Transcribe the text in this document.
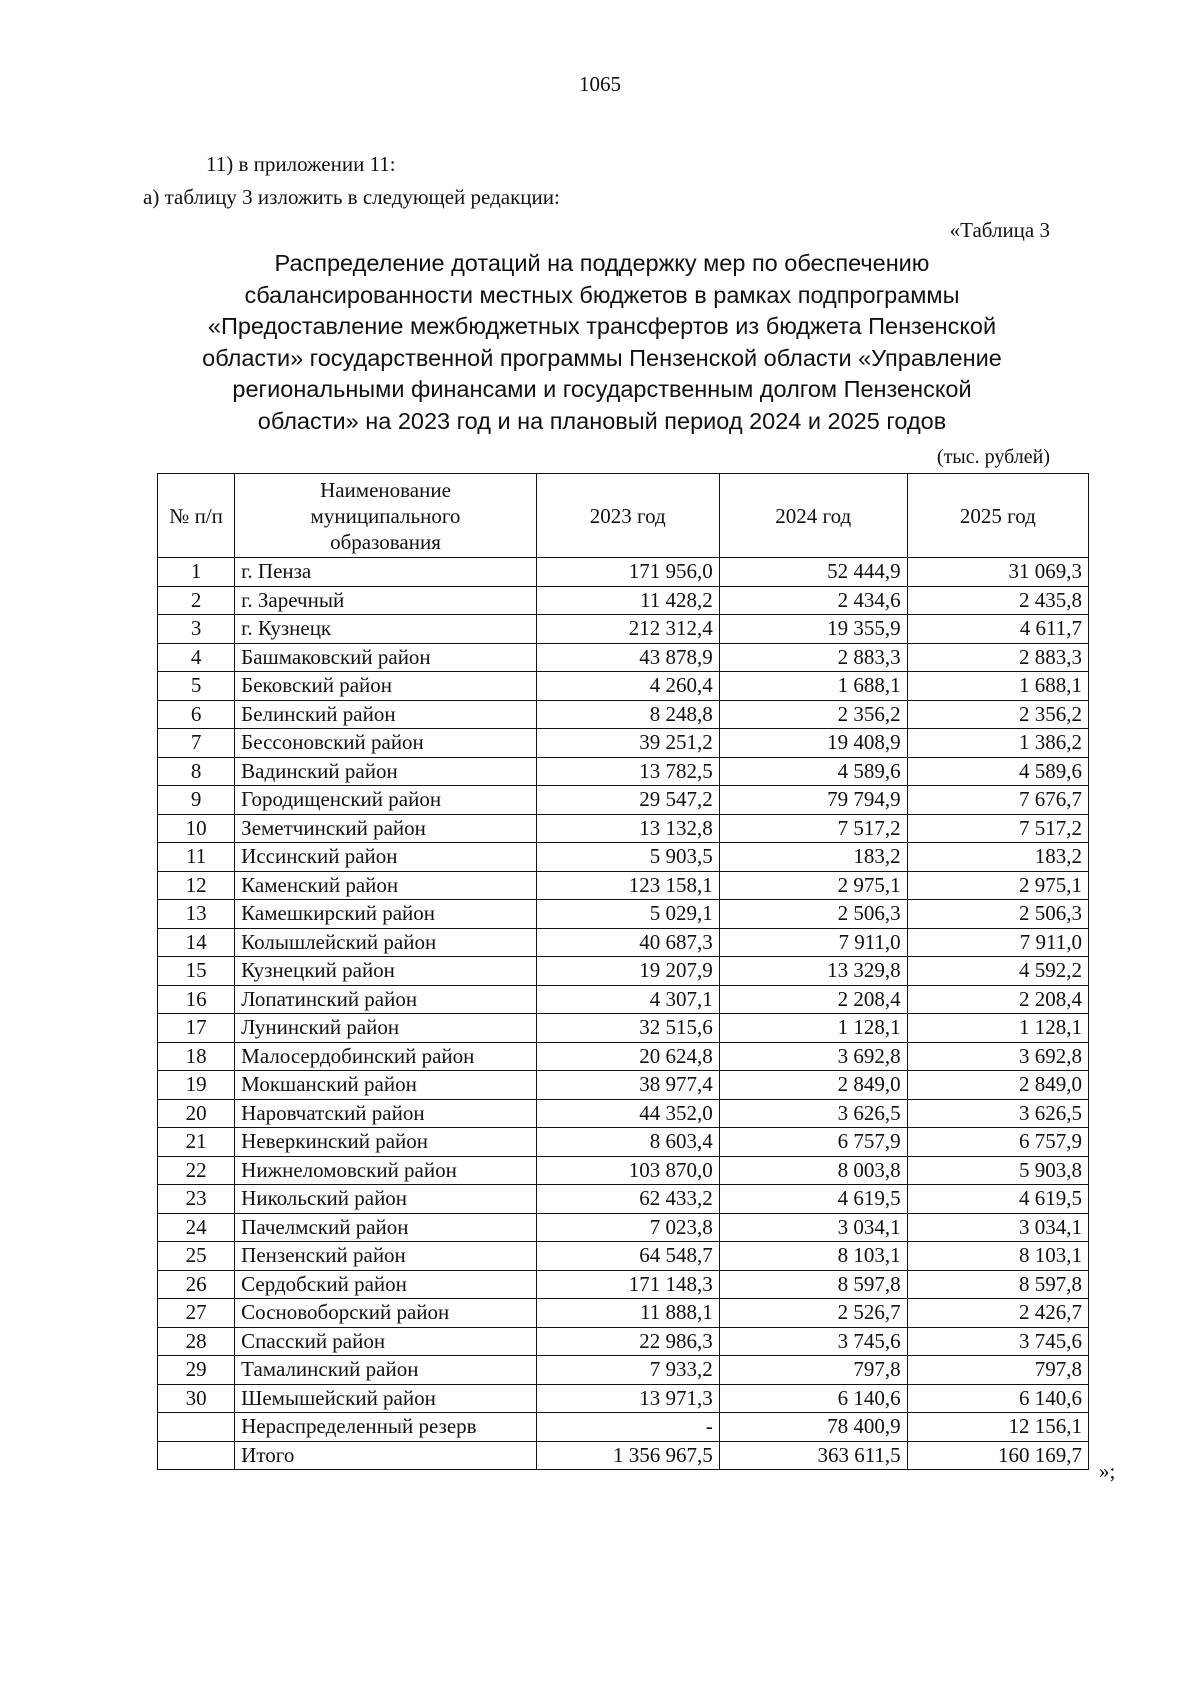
1065
11) в приложении 11:
а) таблицу 3 изложить в следующей редакции:
«Таблица 3
Распределение дотаций на поддержку мер по обеспечению
сбалансированности местных бюджетов в рамках подпрограммы
«Предоставление межбюджетных трансфертов из бюджета Пензенской
области» государственной программы Пензенской области «Управление
региональными финансами и государственным долгом Пензенской
области» на 2023 год и на плановый период 2024 и 2025 годов
(тыс. рублей)
№ п/п	Наименование
муниципального
образования	2023 год	2024 год	2025 год
1	г. Пенза	171 956,0	52 444,9	31 069,3
2	г. Заречный	11 428,2	2 434,6	2 435,8
3	г. Кузнецк	212 312,4	19 355,9	4 611,7
4	Башмаковский район	43 878,9	2 883,3	2 883,3
5	Бековский район	4 260,4	1 688,1	1 688,1
6	Белинский район	8 248,8	2 356,2	2 356,2
7	Бессоновский район	39 251,2	19 408,9	1 386,2
8	Вадинский район	13 782,5	4 589,6	4 589,6
9	Городищенский район	29 547,2	79 794,9	7 676,7
10	Земетчинский район	13 132,8	7 517,2	7 517,2
11	Иссинский район	5 903,5	183,2	183,2
12	Каменский район	123 158,1	2 975,1	2 975,1
13	Камешкирский район	5 029,1	2 506,3	2 506,3
14	Колышлейский район	40 687,3	7 911,0	7 911,0
15	Кузнецкий район	19 207,9	13 329,8	4 592,2
16	Лопатинский район	4 307,1	2 208,4	2 208,4
17	Лунинский район	32 515,6	1 128,1	1 128,1
18	Малосердобинский район	20 624,8	3 692,8	3 692,8
19	Мокшанский район	38 977,4	2 849,0	2 849,0
20	Наровчатский район	44 352,0	3 626,5	3 626,5
21	Неверкинский район	8 603,4	6 757,9	6 757,9
22	Нижнеломовский район	103 870,0	8 003,8	5 903,8
23	Никольский район	62 433,2	4 619,5	4 619,5
24	Пачелмский район	7 023,8	3 034,1	3 034,1
25	Пензенский район	64 548,7	8 103,1	8 103,1
26	Сердобский район	171 148,3	8 597,8	8 597,8
27	Сосновоборский район	11 888,1	2 526,7	2 426,7
28	Спасский район	22 986,3	3 745,6	3 745,6
29	Тамалинский район	7 933,2	797,8	797,8
30	Шемышейский район	13 971,3	6 140,6	6 140,6
	Нераспределенный резерв	-	78 400,9	12 156,1
	Итого	1 356 967,5	363 611,5	160 169,7
»;
